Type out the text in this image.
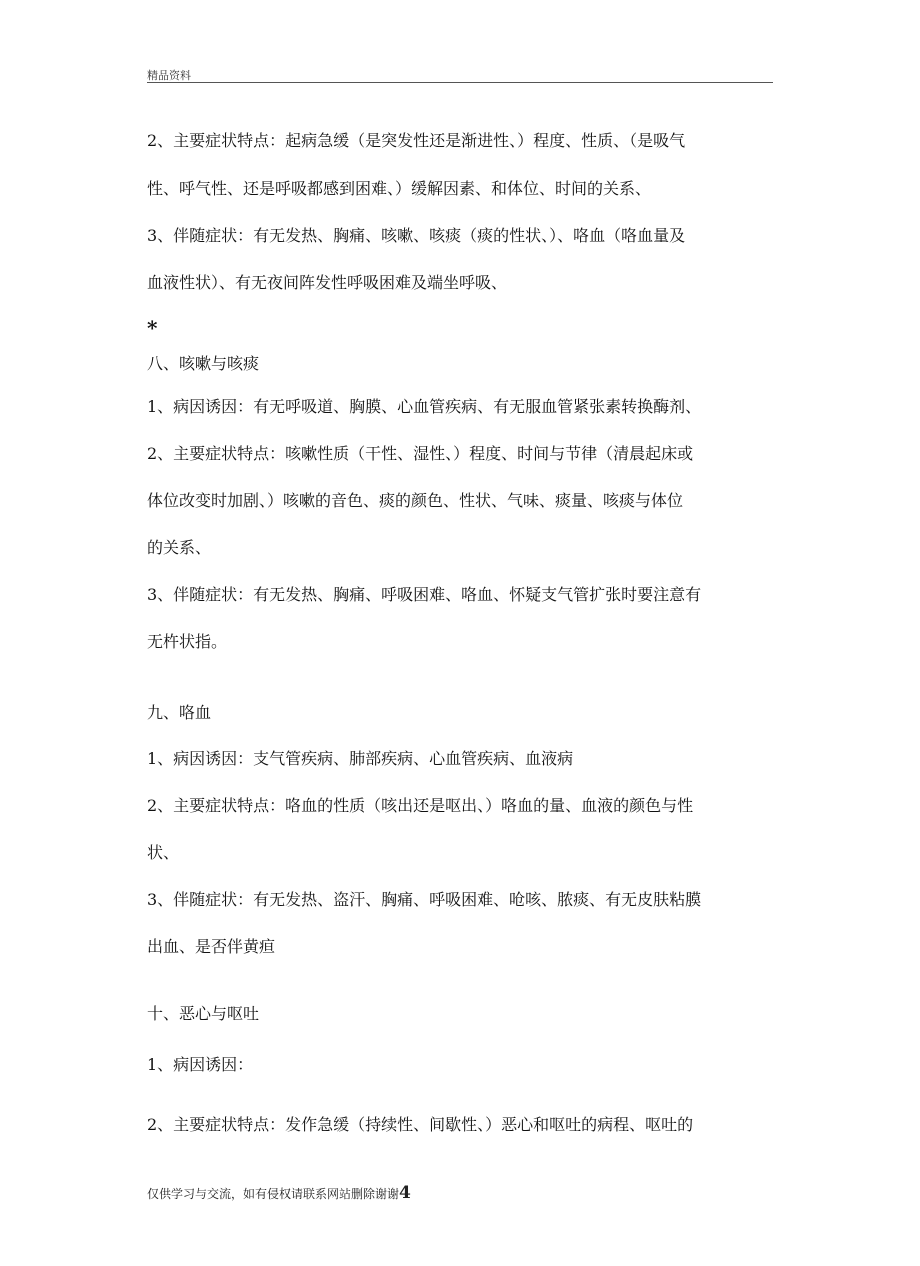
精品资料
2、主要症状特点：起病急缓（是突发性还是渐进性、）程度、性质、（是吸气
性、呼气性、还是呼吸都感到困难、）缓解因素、和体位、时间的关系、
3、伴随症状：有无发热、胸痛、咳嗽、咳痰（痰的性状、）、咯血（咯血量及
血液性状）、有无夜间阵发性呼吸困难及端坐呼吸、
*
八、咳嗽与咳痰
1、病因诱因：有无呼吸道、胸膜、心血管疾病、有无服血管紧张素转换酶剂、
2、主要症状特点：咳嗽性质（干性、湿性、）程度、时间与节律（清晨起床或
体位改变时加剧、）咳嗽的音色、痰的颜色、性状、气味、痰量、咳痰与体位
的关系、
3、伴随症状：有无发热、胸痛、呼吸困难、咯血、怀疑支气管扩张时要注意有
无杵状指。
九、咯血
1、病因诱因：支气管疾病、肺部疾病、心血管疾病、血液病
2、主要症状特点：咯血的性质（咳出还是呕出、）咯血的量、血液的颜色与性
状、
3、伴随症状：有无发热、盗汗、胸痛、呼吸困难、呛咳、脓痰、有无皮肤粘膜
出血、是否伴黄疸
十、恶心与呕吐
1、病因诱因：
2、主要症状特点：发作急缓（持续性、间歇性、）恶心和呕吐的病程、呕吐的
仅供学习与交流，如有侵权请联系网站删除谢谢4
